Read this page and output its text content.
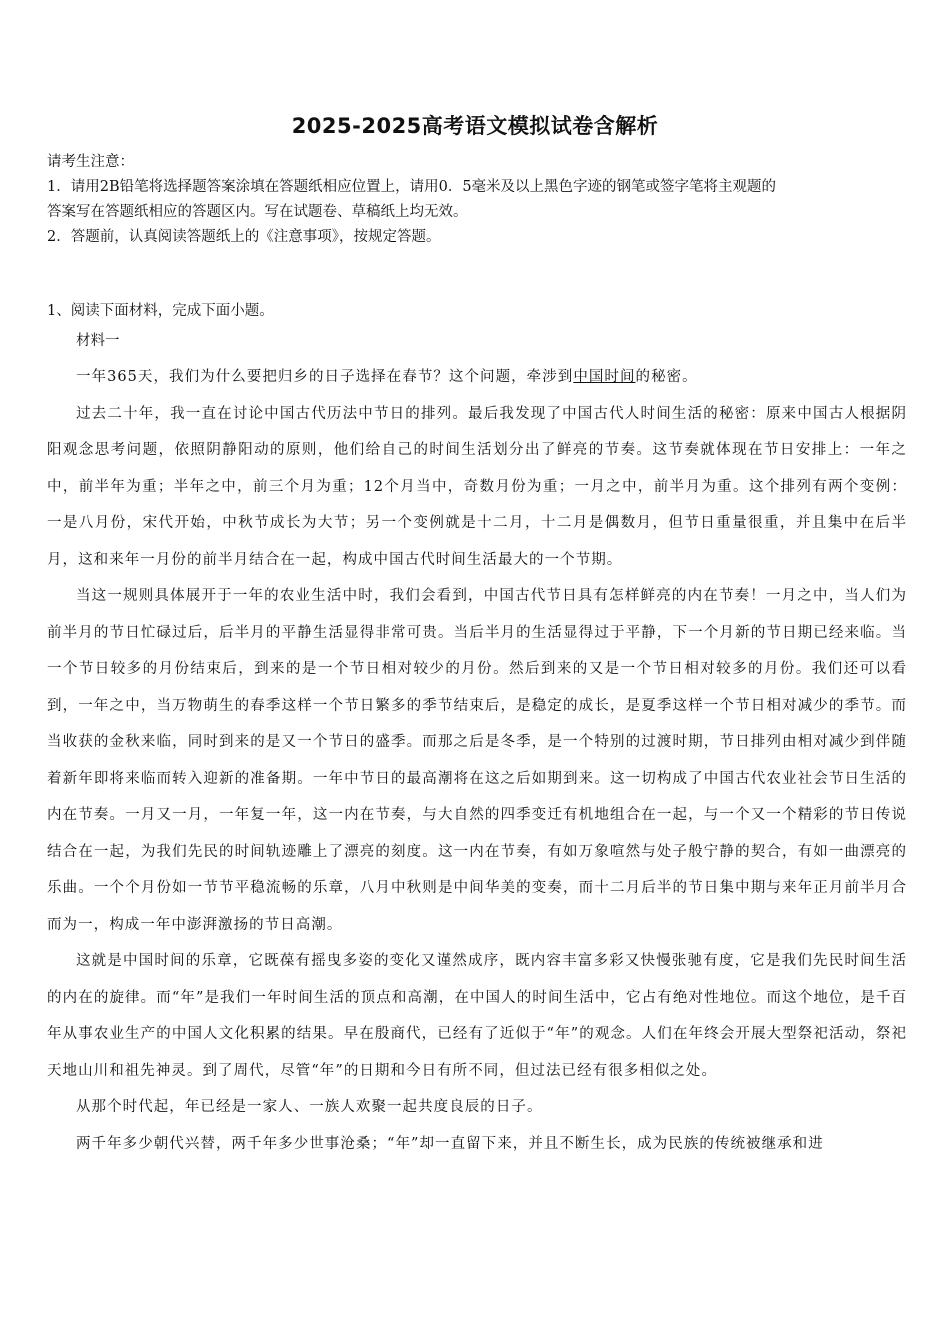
2025-2025高考语文模拟试卷含解析
请考生注意：
1．请用2B铅笔将选择题答案涂填在答题纸相应位置上，请用0．5毫米及以上黑色字迹的钢笔或签字笔将主观题的
答案写在答题纸相应的答题区内。写在试题卷、草稿纸上均无效。
2．答题前，认真阅读答题纸上的《注意事项》，按规定答题。
1、阅读下面材料，完成下面小题。
材料一

一年365天，我们为什么要把归乡的日子选择在春节？这个问题，牵涉到中国时间的秘密。

过去二十年，我一直在讨论中国古代历法中节日的排列。最后我发现了中国古代人时间生活的秘密：原来中国古人根据阴阳观念思考问题，依照阴静阳动的原则，他们给自己的时间生活划分出了鲜亮的节奏。这节奏就体现在节日安排上：一年之中，前半年为重；半年之中，前三个月为重；12个月当中，奇数月份为重；一月之中，前半月为重。这个排列有两个变例：一是八月份，宋代开始，中秋节成长为大节；另一个变例就是十二月，十二月是偶数月，但节日重量很重，并且集中在后半月，这和来年一月份的前半月结合在一起，构成中国古代时间生活最大的一个节期。

当这一规则具体展开于一年的农业生活中时，我们会看到，中国古代节日具有怎样鲜亮的内在节奏！一月之中，当人们为前半月的节日忙碌过后，后半月的平静生活显得非常可贵。当后半月的生活显得过于平静，下一个月新的节日期已经来临。当一个节日较多的月份结束后，到来的是一个节日相对较少的月份。然后到来的又是一个节日相对较多的月份。我们还可以看到，一年之中，当万物萌生的春季这样一个节日繁多的季节结束后，是稳定的成长，是夏季这样一个节日相对减少的季节。而当收获的金秋来临，同时到来的是又一个节日的盛季。而那之后是冬季，是一个特别的过渡时期，节日排列由相对减少到伴随着新年即将来临而转入迎新的准备期。一年中节日的最高潮将在这之后如期到来。这一切构成了中国古代农业社会节日生活的内在节奏。一月又一月，一年复一年，这一内在节奏，与大自然的四季变迁有机地组合在一起，与一个又一个精彩的节日传说结合在一起，为我们先民的时间轨迹雕上了漂亮的刻度。这一内在节奏，有如万象喧然与处子般宁静的契合，有如一曲漂亮的乐曲。一个个月份如一节节平稳流畅的乐章，八月中秋则是中间华美的变奏，而十二月后半的节日集中期与来年正月前半月合而为一，构成一年中澎湃激扬的节日高潮。

这就是中国时间的乐章，它既葆有摇曳多姿的变化又谨然成序，既内容丰富多彩又快慢张驰有度，它是我们先民时间生活的内在的旋律。而“年”是我们一年时间生活的顶点和高潮，在中国人的时间生活中，它占有绝对性地位。而这个地位，是千百年从事农业生产的中国人文化积累的结果。早在殷商代，已经有了近似于“年”的观念。人们在年终会开展大型祭祀活动，祭祀天地山川和祖先神灵。到了周代，尽管“年”的日期和今日有所不同，但过法已经有很多相似之处。

从那个时代起，年已经是一家人、一族人欢聚一起共度良辰的日子。

两千年多少朝代兴替，两千年多少世事沧桑；“年”却一直留下来，并且不断生长，成为民族的传统被继承和进
